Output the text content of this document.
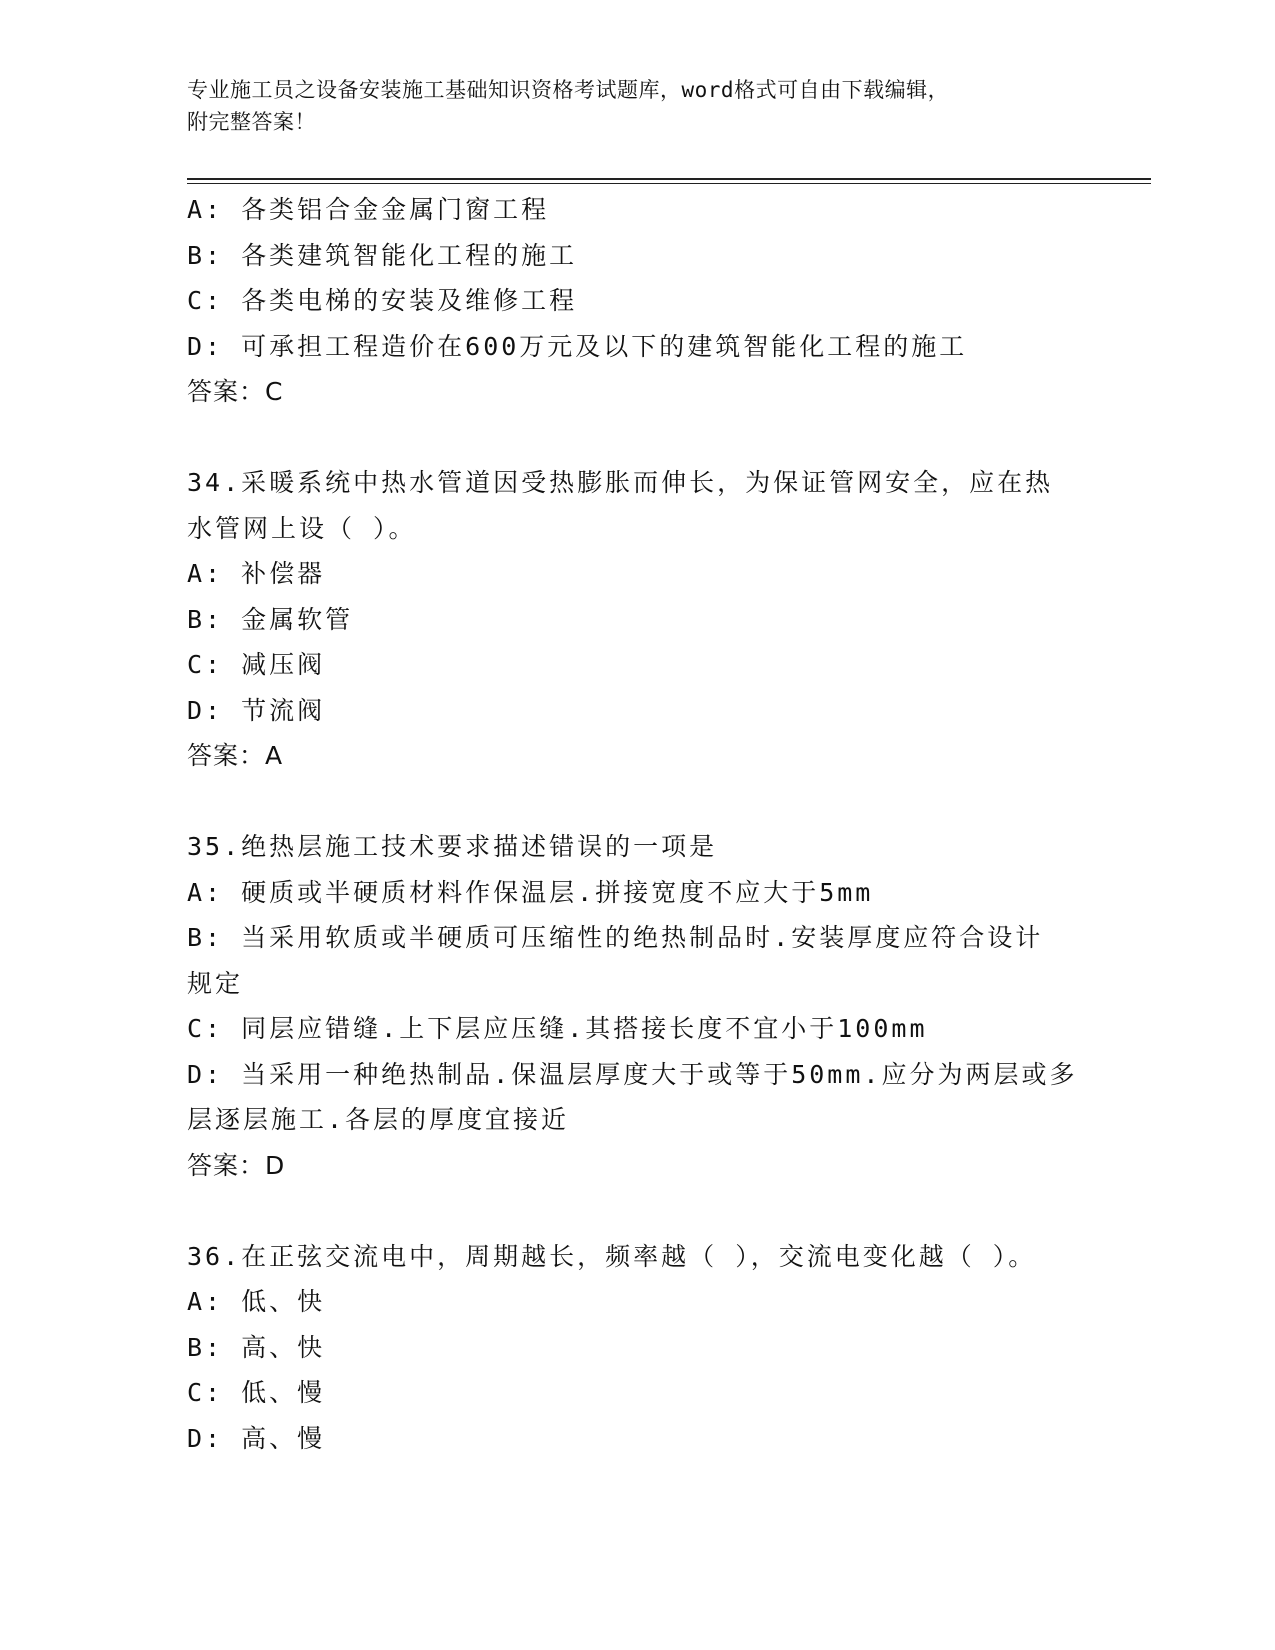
专业施工员之设备安装施工基础知识资格考试题库，word格式可自由下载编辑，
附完整答案！
A: 各类铝合金金属门窗工程
B: 各类建筑智能化工程的施工
C: 各类电梯的安装及维修工程
D: 可承担工程造价在600万元及以下的建筑智能化工程的施工
答案：C
34.采暖系统中热水管道因受热膨胀而伸长，为保证管网安全，应在热
水管网上设（ ）。
A: 补偿器
B: 金属软管
C: 减压阀
D: 节流阀
答案：A
35.绝热层施工技术要求描述错误的一项是
A: 硬质或半硬质材料作保温层.拼接宽度不应大于5mm
B: 当采用软质或半硬质可压缩性的绝热制品时.安装厚度应符合设计
规定
C: 同层应错缝.上下层应压缝.其搭接长度不宜小于100mm
D: 当采用一种绝热制品.保温层厚度大于或等于50mm.应分为两层或多
层逐层施工.各层的厚度宜接近
答案：D
36.在正弦交流电中，周期越长，频率越（ ），交流电变化越（ ）。
A: 低、快
B: 高、快
C: 低、慢
D: 高、慢
